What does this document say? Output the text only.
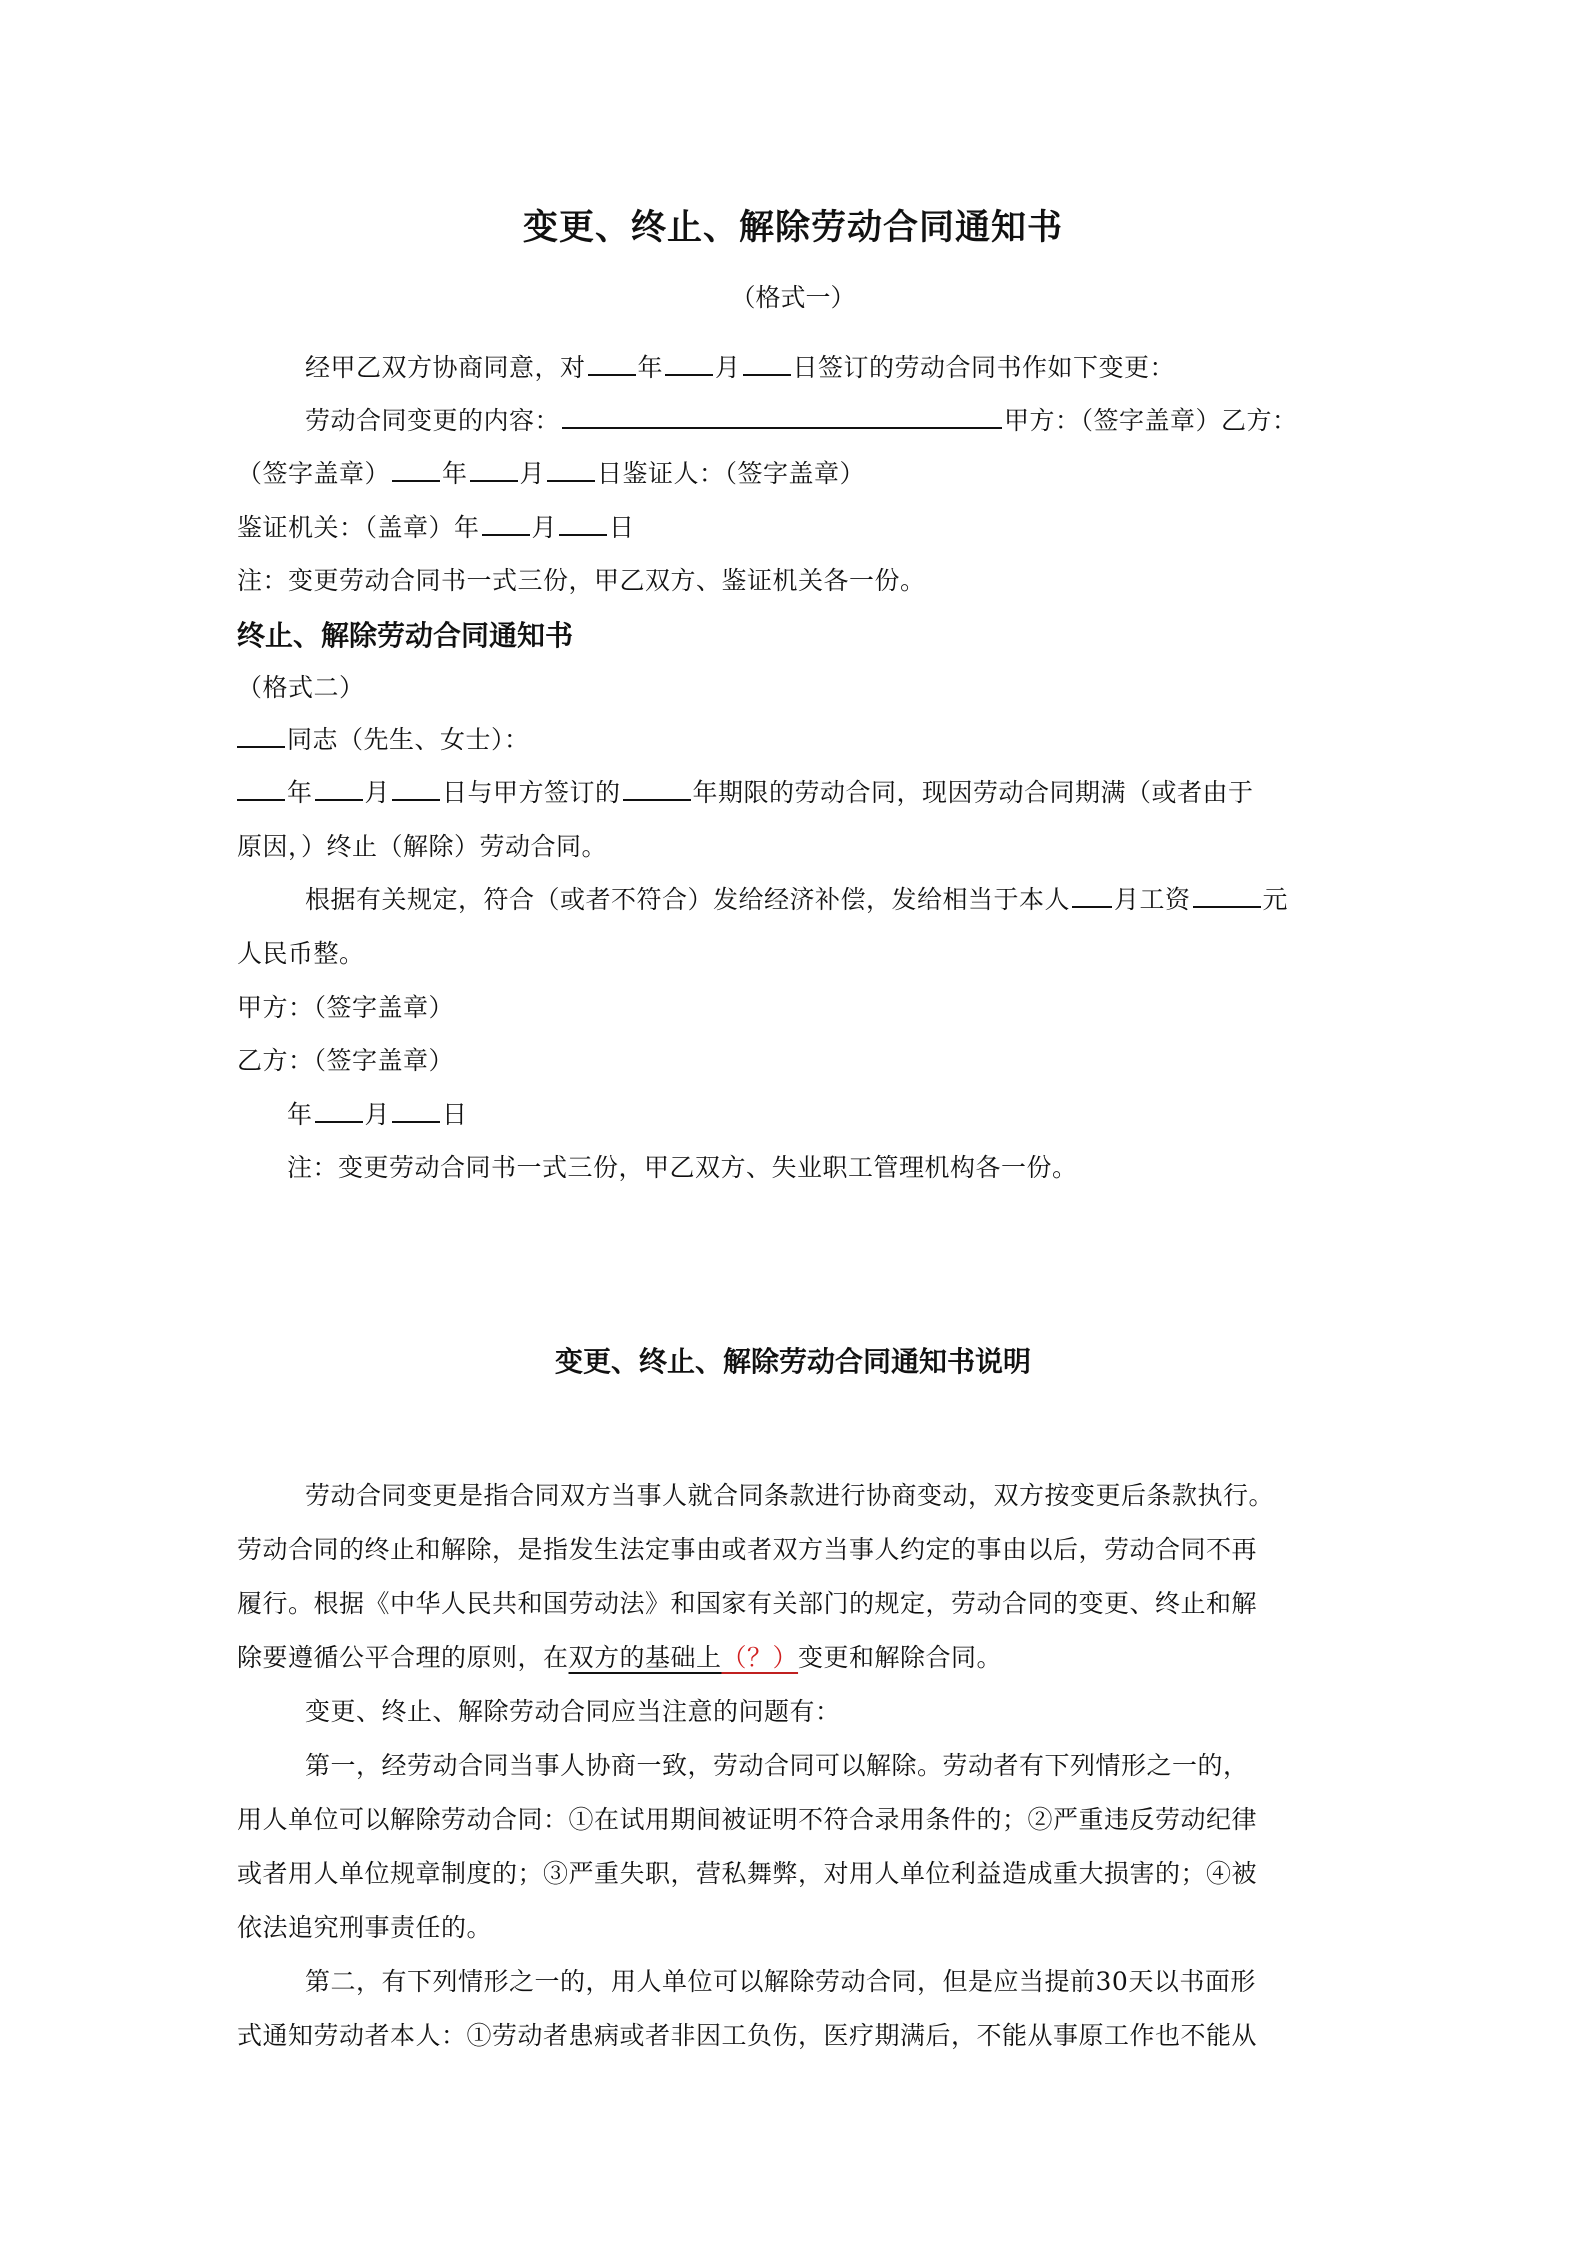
变更、终止、解除劳动合同通知书
（格式一）
经甲乙双方协商同意，对 年 月 日签订的劳动合同书作如下变更：
劳动合同变更的内容：	甲方：（签字盖章）乙方：
（签字盖章） 年 月 日鉴证人：（签字盖章）
鉴证机关：（盖章）年 月 日
注：变更劳动合同书一式三份，甲乙双方、鉴证机关各一份。
终止、解除劳动合同通知书
（格式二）
同志（先生、女士）：
年 月 日与甲方签订的	年期限的劳动合同，现因劳动合同期满（或者由于
原因，）终止（解除）劳动合同。
根据有关规定，符合（或者不符合）发给经济补偿，发给相当于本人 月工资	元
人民币整。
甲方：（签字盖章）
乙方：（签字盖章）
年 月 日
注：变更劳动合同书一式三份，甲乙双方、失业职工管理机构各一份。
变更、终止、解除劳动合同通知书说明
劳动合同变更是指合同双方当事人就合同条款进行协商变动，双方按变更后条款执行。
劳动合同的终止和解除，是指发生法定事由或者双方当事人约定的事由以后，劳动合同不再
履行。根据《中华人民共和国劳动法》和国家有关部门的规定，劳动合同的变更、终止和解
除要遵循公平合理的原则，在双方的基础上（？）变更和解除合同。
变更、终止、解除劳动合同应当注意的问题有：
第一，经劳动合同当事人协商一致，劳动合同可以解除。劳动者有下列情形之一的，
用人单位可以解除劳动合同：①在试用期间被证明不符合录用条件的；②严重违反劳动纪律
或者用人单位规章制度的；③严重失职，营私舞弊，对用人单位利益造成重大损害的；④被
依法追究刑事责任的。
第二，有下列情形之一的，用人单位可以解除劳动合同，但是应当提前30天以书面形
式通知劳动者本人：①劳动者患病或者非因工负伤，医疗期满后，不能从事原工作也不能从
